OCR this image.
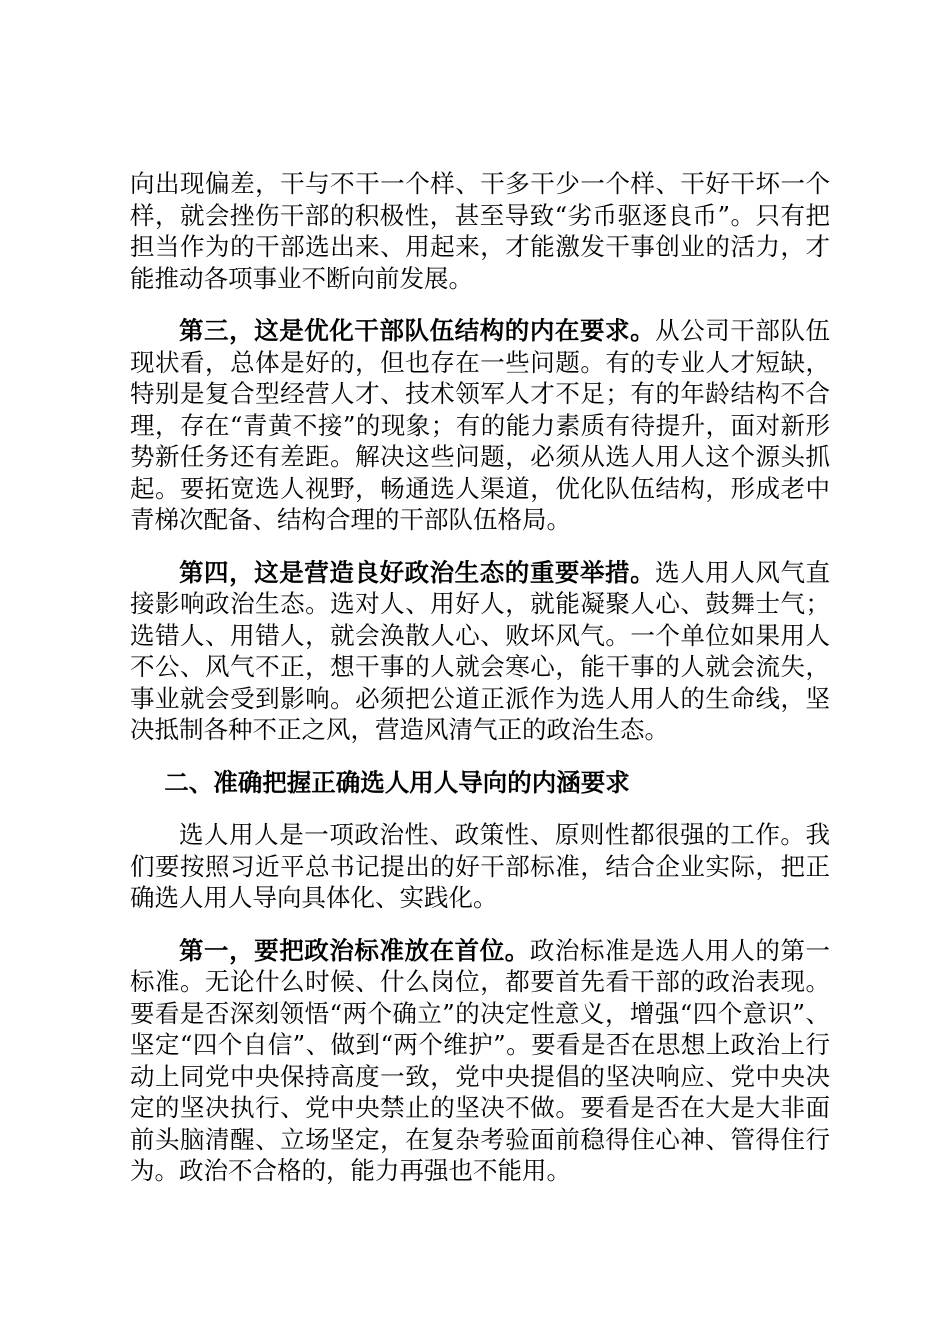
向出现偏差，干与不干一个样、干多干少一个样、干好干坏一个样，就会挫伤干部的积极性，甚至导致“劣币驱逐良币”。只有把担当作为的干部选出来、用起来，才能激发干事创业的活力，才能推动各项事业不断向前发展。

第三，这是优化干部队伍结构的内在要求。从公司干部队伍现状看，总体是好的，但也存在一些问题。有的专业人才短缺，特别是复合型经营人才、技术领军人才不足；有的年龄结构不合理，存在“青黄不接”的现象；有的能力素质有待提升，面对新形势新任务还有差距。解决这些问题，必须从选人用人这个源头抓起。要拓宽选人视野，畅通选人渠道，优化队伍结构，形成老中青梯次配备、结构合理的干部队伍格局。

第四，这是营造良好政治生态的重要举措。选人用人风气直接影响政治生态。选对人、用好人，就能凝聚人心、鼓舞士气；选错人、用错人，就会涣散人心、败坏风气。一个单位如果用人不公、风气不正，想干事的人就会寒心，能干事的人就会流失，事业就会受到影响。必须把公道正派作为选人用人的生命线，坚决抵制各种不正之风，营造风清气正的政治生态。

二、准确把握正确选人用人导向的内涵要求

选人用人是一项政治性、政策性、原则性都很强的工作。我们要按照习近平总书记提出的好干部标准，结合企业实际，把正确选人用人导向具体化、实践化。

第一，要把政治标准放在首位。政治标准是选人用人的第一标准。无论什么时候、什么岗位，都要首先看干部的政治表现。要看是否深刻领悟“两个确立”的决定性意义，增强“四个意识”、坚定“四个自信”、做到“两个维护”。要看是否在思想上政治上行动上同党中央保持高度一致，党中央提倡的坚决响应、党中央决定的坚决执行、党中央禁止的坚决不做。要看是否在大是大非面前头脑清醒、立场坚定，在复杂考验面前稳得住心神、管得住行为。政治不合格的，能力再强也不能用。
